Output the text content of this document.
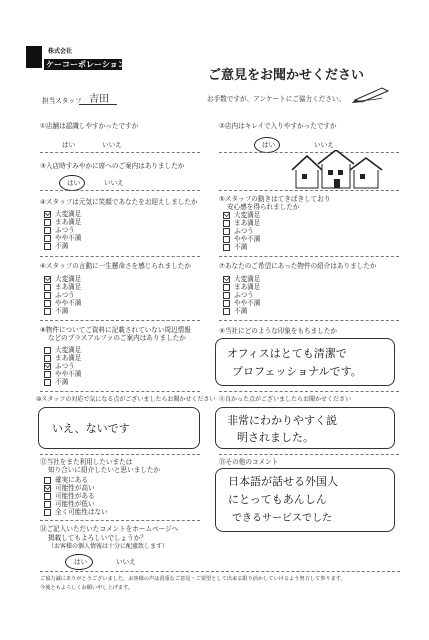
株式会社
ケーコーポレーション
ご意見をお聞かせください
担当スタッフ 吉田	お手数ですが、アンケートにご協力ください。
①店舗は認識しやすかったですか
はい	いいえ
②店内はキレイで入りやすかったですか
はい	いいえ
③入店時すみやかに席へのご案内はありましたか
はい	いいえ
④スタッフは元気に笑顔であなたをお迎えしましたか
大変満足
まあ満足
ふつう
やや不満
不満
⑤スタッフの動きはてきぱきしており
安心感を得られましたか
大変満足
まあ満足
ふつう
やや不満
不満
⑥スタッフの言動に一生懸命さを感じられましたか
大変満足
まあ満足
ふつう
やや不満
不満
⑦あなたのご希望にあった物件の紹介はありましたか
大変満足
まあ満足
ふつう
やや不満
不満
⑧物件についてご資料に記載されていない周辺情報
などのプラスアルファのご案内はありましたか
大変満足
まあ満足
ふつう
やや不満
不満
⑨当社にどのような印象をもちましたか
オフィスはとても清潔で
プロフェッショナルです。
⑩スタッフの対応で気になる点がございましたらお聞かせください
いえ、ないです
⑪良かった点がございましたらお聞かせください
非常にわかりやすく説
明されました。
⑫当社をまた利用したいまたは
知り合いに紹介したいと思いましたか
確実にある
可能性が高い
可能性がある
可能性が低い
全く可能性はない
⑬その他のコメント
日本語が話せる外国人
にとってもあんしん
できるサービスでした
⑭ご記入いただいたコメントをホームページへ
掲載してもよろしいでしょうか？
（お客様の個人情報は十分に配慮致します）
はい	いいえ
ご協力誠にありがとうございました。お客様の声は貴重なご意見・ご要望として出来る限り活かしていけるよう努力して参ります。
今後ともよろしくお願い申し上げます。
